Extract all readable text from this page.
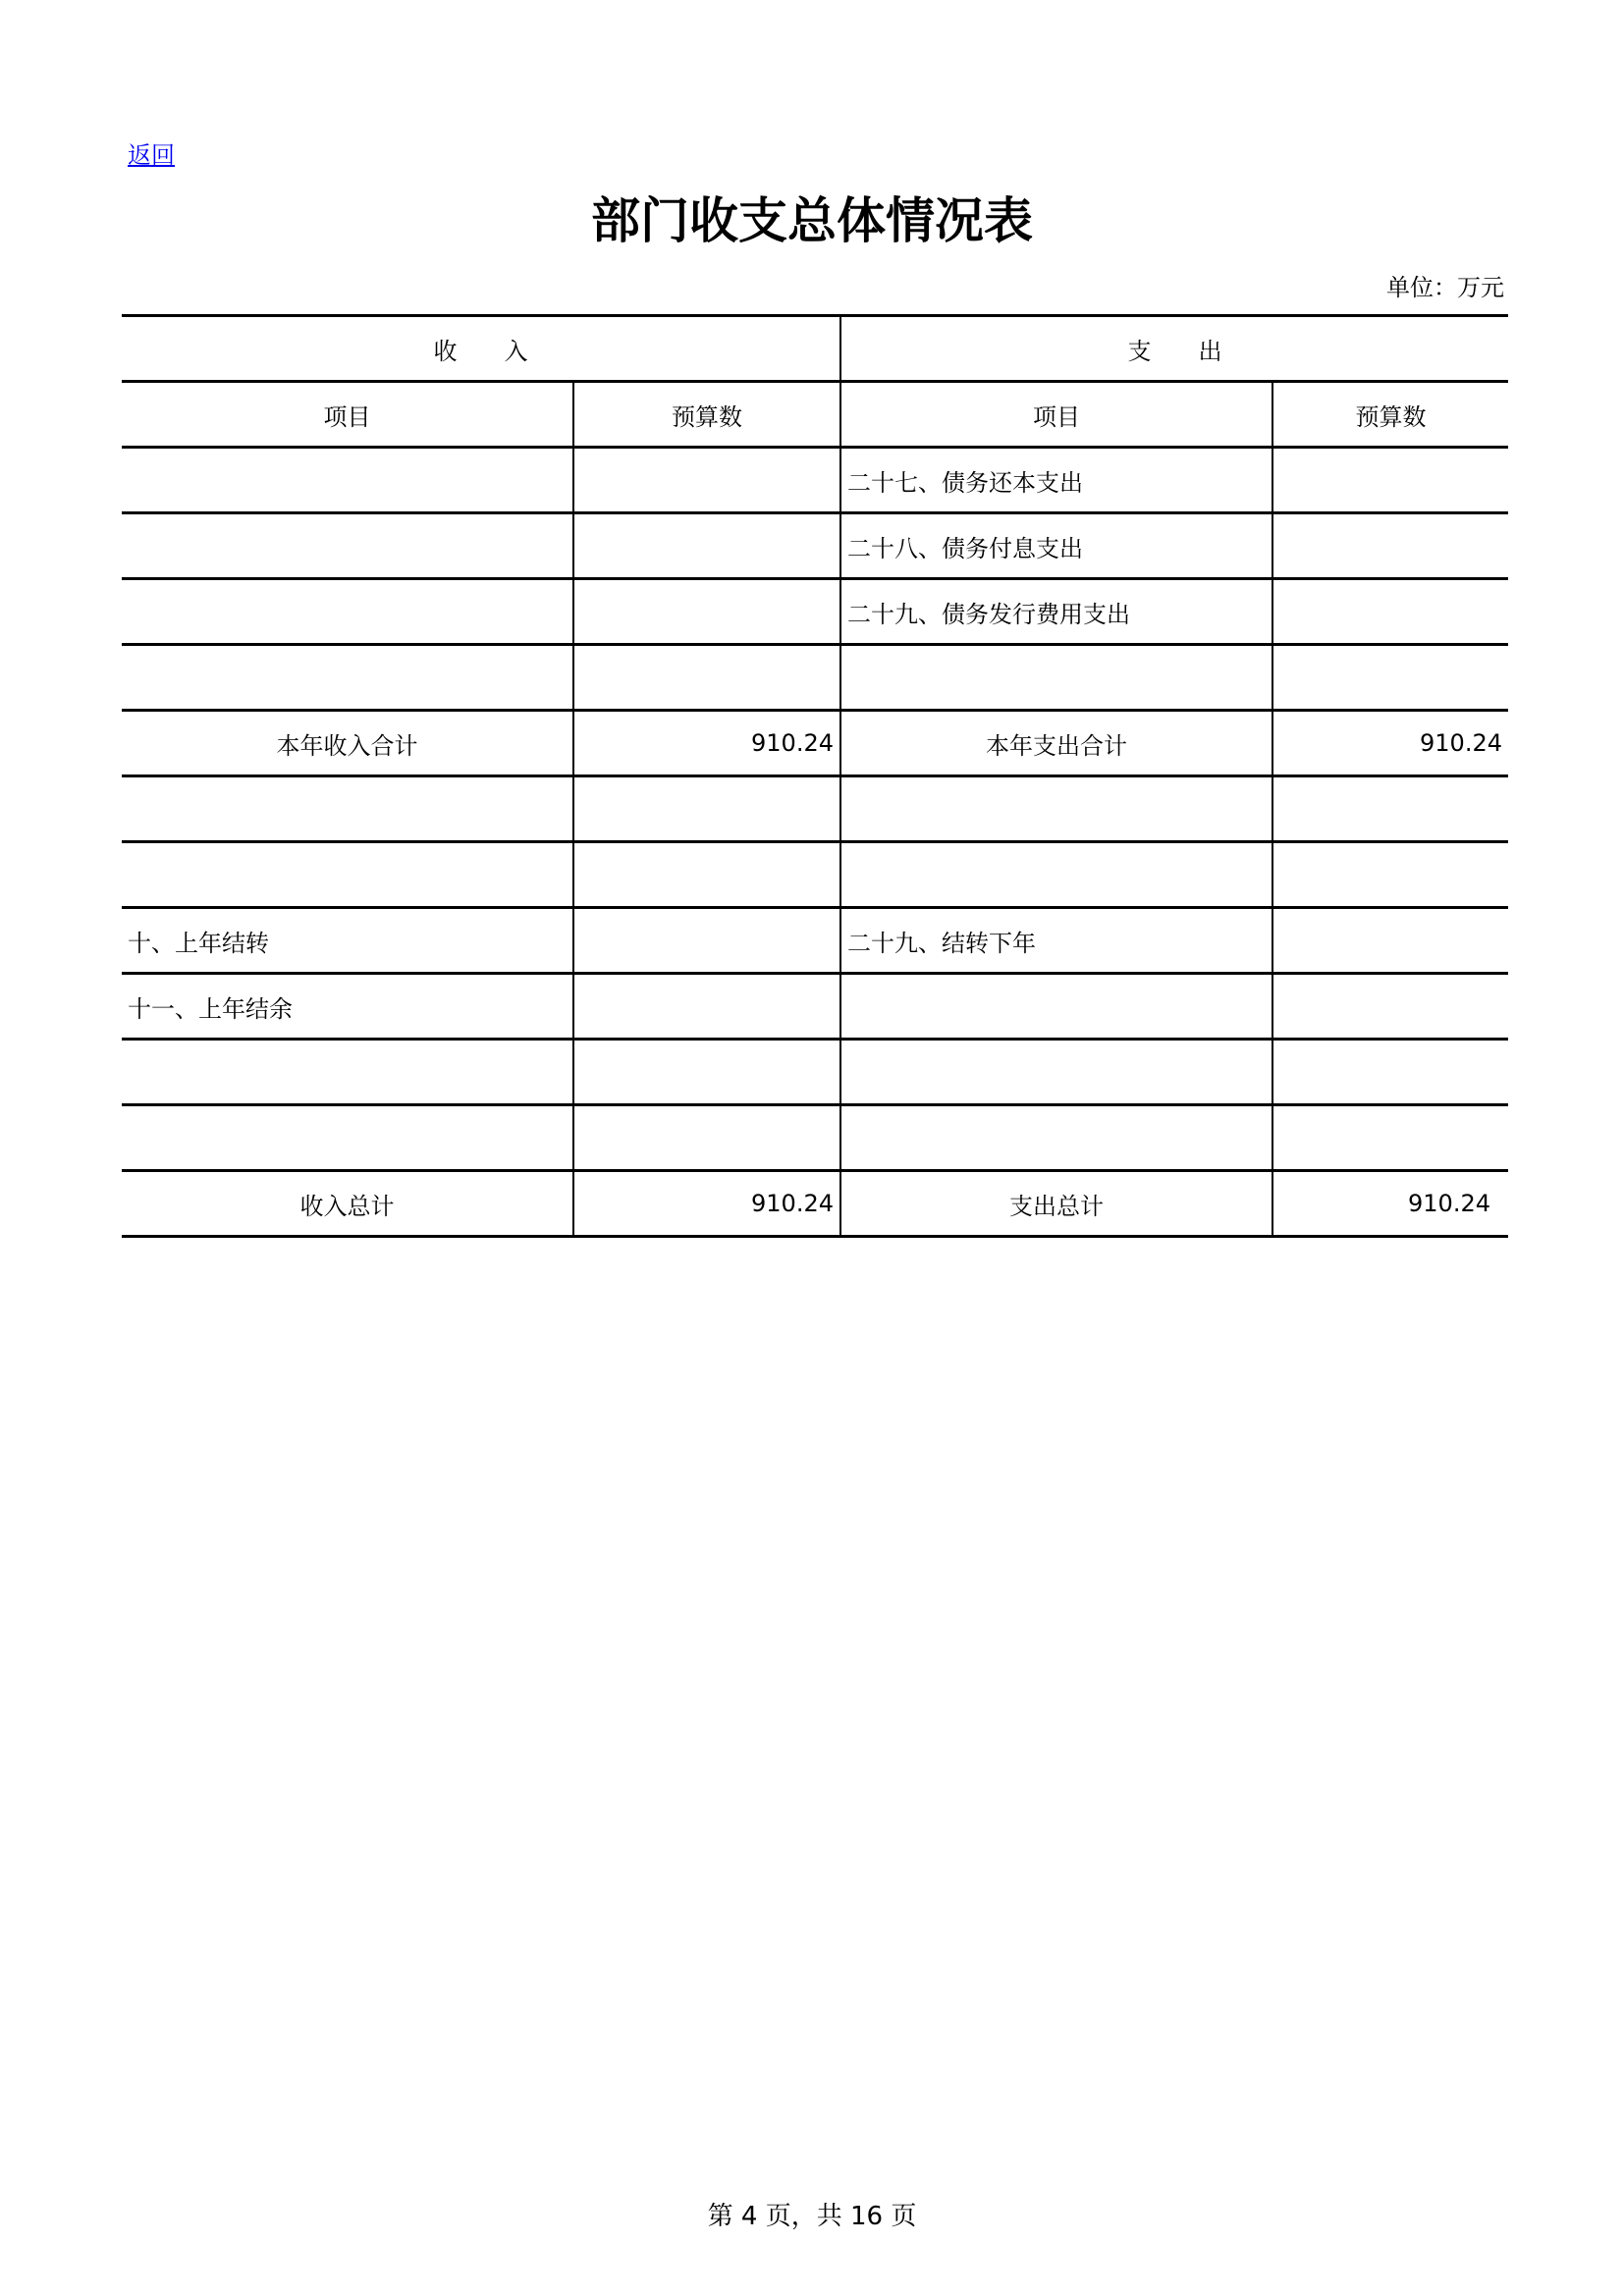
返回
部门收支总体情况表
单位：万元
收　　入		支　　出	
项目	预算数	项目	预算数
		二十七、债务还本支出	
		二十八、债务付息支出	
		二十九、债务发行费用支出	

本年收入合计	910.24	本年支出合计	910.24

十、上年结转		二十九、结转下年	
十一、上年结余			

收入总计	910.24	支出总计	910.24
第 4 页，共 16 页
